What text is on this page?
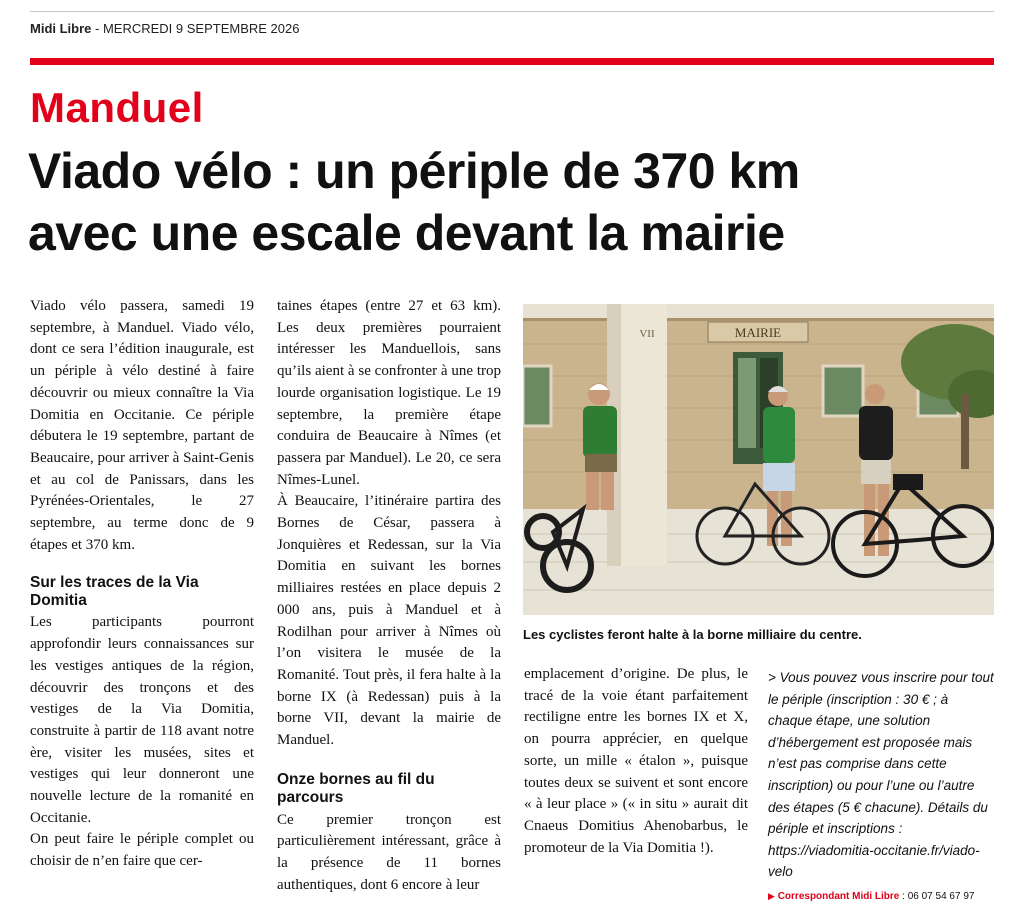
Midi Libre - MERCREDI 9 SEPTEMBRE 2026
Manduel
Viado vélo : un périple de 370 km
avec une escale devant la mairie

Viado vélo passera, samedi 19 septembre, à Manduel. Viado vélo, dont ce sera l’édition inaugurale, est un périple à vélo destiné à faire découvrir ou mieux connaître la Via Domitia en Occitanie. Ce périple débutera le 19 septembre, partant de Beaucaire, pour arriver à Saint-Genis et au col de Panissars, dans les Pyrénées-Orientales, le 27 septembre, au terme donc de 9 étapes et 370 km.

Sur les traces de la Via Domitia

Les participants pourront approfondir leurs connaissances sur les vestiges antiques de la région, découvrir des tronçons et des vestiges de la Via Domitia, construite à partir de 118 avant notre ère, visiter les musées, sites et vestiges qui leur donneront une nouvelle lecture de la romanité en Occitanie.

On peut faire le périple complet ou choisir de n’en faire que cer-

taines étapes (entre 27 et 63 km). Les deux premières pourraient intéresser les Manduellois, sans qu’ils aient à se confronter à une trop lourde organisation logistique. Le 19 septembre, la première étape conduira de Beaucaire à Nîmes (et passera par Manduel). Le 20, ce sera Nîmes-Lunel.

À Beaucaire, l’itinéraire partira des Bornes de César, passera à Jonquières et Redessan, sur la Via Domitia en suivant les bornes milliaires restées en place depuis 2 000 ans, puis à Manduel et à Rodilhan pour arriver à Nîmes où l’on visitera le musée de la Romanité. Tout près, il fera halte à la borne IX (à Redessan) puis à la borne VII, devant la mairie de Manduel.

Onze bornes au fil du parcours

Ce premier tronçon est particulièrement intéressant, grâce à la présence de 11 bornes authentiques, dont 6 encore à leur

MAIRIE
VII
Les cyclistes feront halte à la borne milliaire du centre.

emplacement d’origine. De plus, le tracé de la voie étant parfaitement rectiligne entre les bornes IX et X, on pourra apprécier, en quelque sorte, un mille « étalon », puisque toutes deux se suivent et sont encore « à leur place » (« in situ » aurait dit Cnaeus Domitius Ahenobarbus, le promoteur de la Via Domitia !).

> Vous pouvez vous inscrire pour tout le périple (inscription : 30 € ; à chaque étape, une solution d’hébergement est proposée mais n’est pas comprise dans cette inscription) ou pour l’une ou l’autre des étapes (5 € chacune). Détails du périple et inscriptions : https://viadomitia-occitanie.fr/viado-velo

▶ Correspondant Midi Libre : 06 07 54 67 97
